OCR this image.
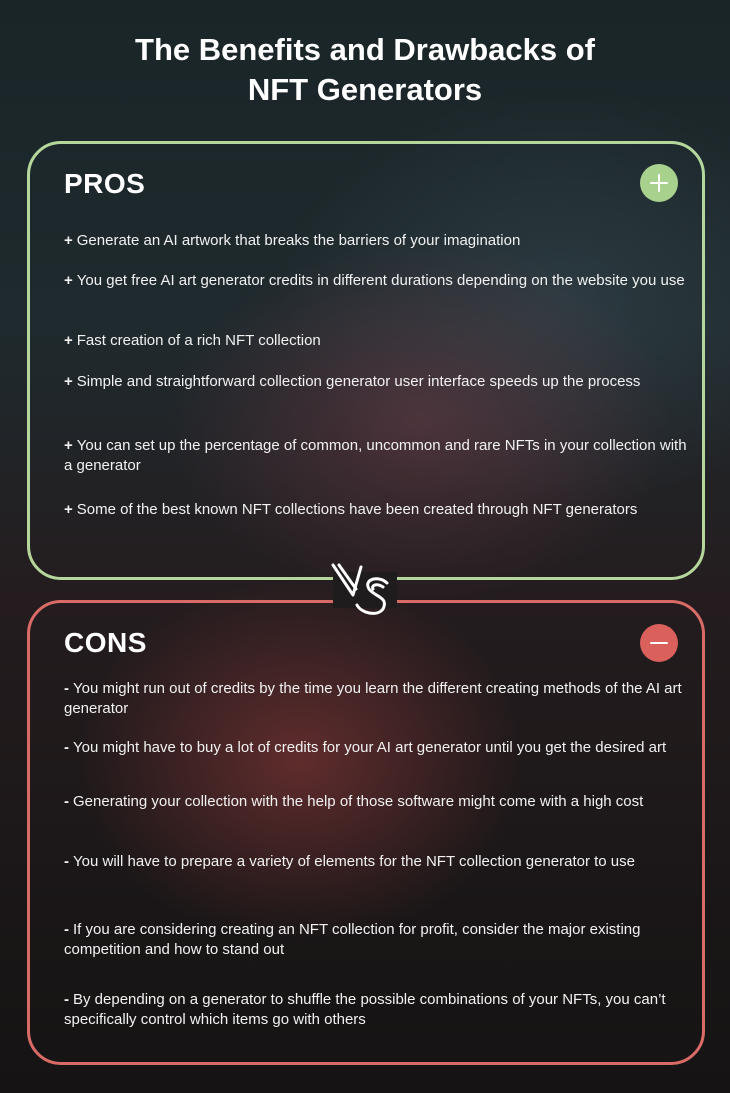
The Benefits and Drawbacks of
NFT Generators
PROS

+ Generate an AI artwork that breaks the barriers of your imagination

+ You get free AI art generator credits in different durations depending on the website you use

+ Fast creation of a rich NFT collection

+ Simple and straightforward collection generator user interface speeds up the process

+ You can set up the percentage of common, uncommon and rare NFTs in your collection with a generator

+ Some of the best known NFT collections have been created through NFT generators

CONS

- You might run out of credits by the time you learn the different creating methods of the AI art generator

- You might have to buy a lot of credits for your AI art generator until you get the desired art

- Generating your collection with the help of those software might come with a high cost

- You will have to prepare a variety of elements for the NFT collection generator to use

- If you are considering creating an NFT collection for profit, consider the major existing competition and how to stand out

- By depending on a generator to shuffle the possible combinations of your NFTs, you can’t specifically control which items go with others
